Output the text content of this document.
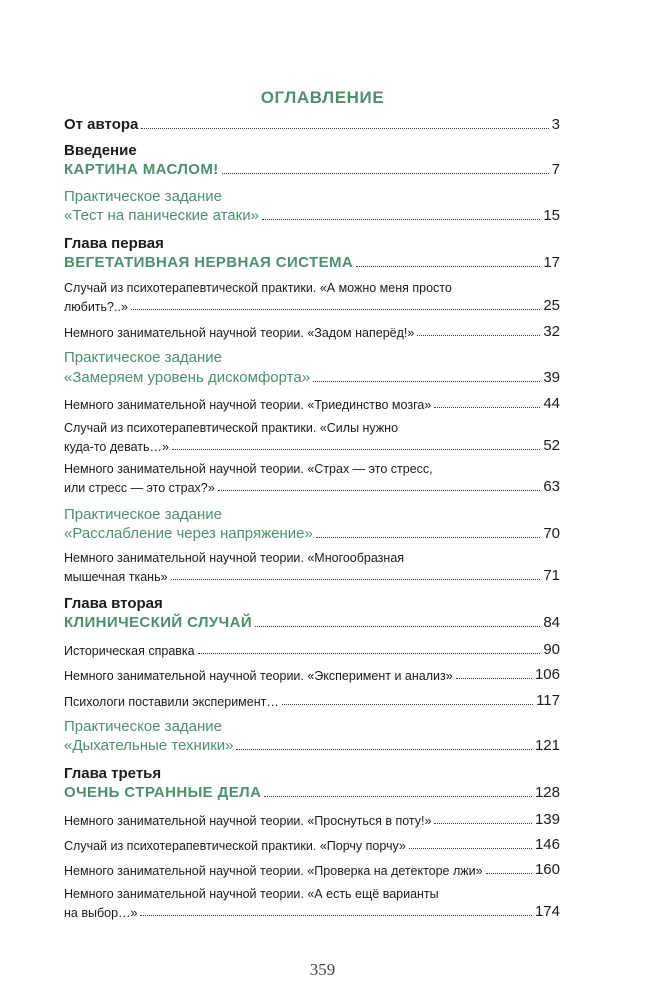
ОГЛАВЛЕНИЕ
От автора	3
Введение
КАРТИНА МАСЛОМ!	7
Практическое задание
«Тест на панические атаки»	15
Глава первая
ВЕГЕТАТИВНАЯ НЕРВНАЯ СИСТЕМА	17
Случай из психотерапевтической практики. «А можно меня просто
любить?..»	25
Немного занимательной научной теории. «Задом наперёд!»	32
Практическое задание
«Замеряем уровень дискомфорта»	39
Немного занимательной научной теории. «Триединство мозга»	44
Случай из психотерапевтической практики. «Силы нужно
куда-то девать…»	52
Немного занимательной научной теории. «Страх — это стресс,
или стресс — это страх?»	63
Практическое задание
«Расслабление через напряжение»	70
Немного занимательной научной теории. «Многообразная
мышечная ткань»	71
Глава вторая
КЛИНИЧЕСКИЙ СЛУЧАЙ	84
Историческая справка	90
Немного занимательной научной теории. «Эксперимент и анализ»	106
Психологи поставили эксперимент…	117
Практическое задание
«Дыхательные техники»	121
Глава третья
ОЧЕНЬ СТРАННЫЕ ДЕЛА	128
Немного занимательной научной теории. «Проснуться в поту!»	139
Случай из психотерапевтической практики. «Порчу порчу»	146
Немного занимательной научной теории. «Проверка на детекторе лжи»	160
Немного занимательной научной теории. «А есть ещё варианты
на выбор…»	174
359
